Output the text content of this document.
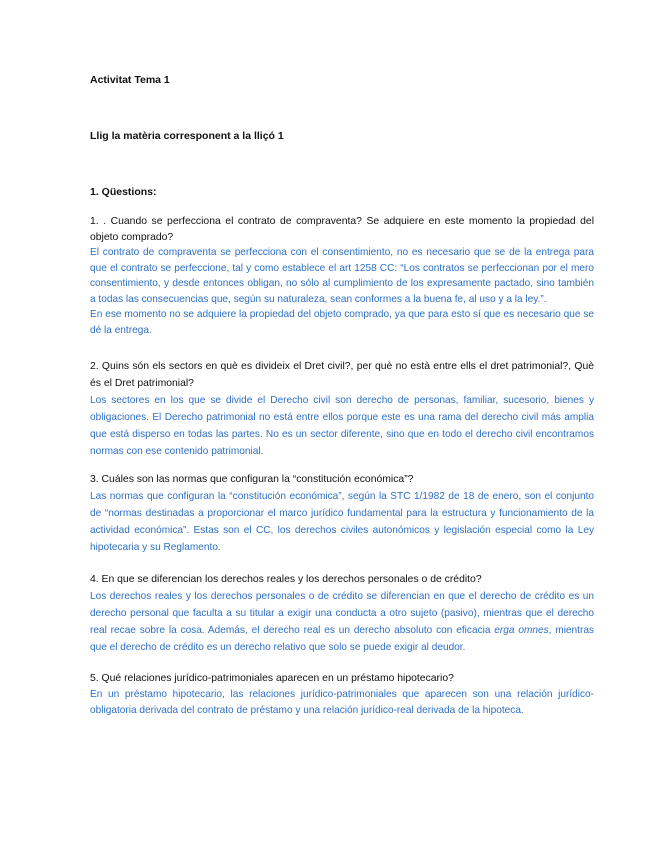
Activitat Tema 1
Llig la matèria corresponent a la lliçó 1
1. Qüestions:
1. . Cuando se perfecciona el contrato de compraventa? Se adquiere en este momento la propiedad del objeto comprado?

El contrato de compraventa se perfecciona con el consentimiento, no es necesario que se de la entrega para que el contrato se perfeccione, tal y como establece el art 1258 CC: “Los contratos se perfeccionan por el mero consentimiento, y desde entonces obligan, no sólo al cumplimiento de los expresamente pactado, sino también a todas las consecuencias que, según su naturaleza, sean conformes a la buena fe, al uso y a la ley.”.

En ese momento no se adquiere la propiedad del objeto comprado, ya que para esto sí que es necesario que se dé la entrega.

2. Quins són els sectors en què es divideix el Dret civil?, per què no està entre ells el dret patrimonial?, Què és el Dret patrimonial?
Los sectores en los que se divide el Derecho civil son derecho de personas, familiar, sucesorio, bienes y obligaciones. El Derecho patrimonial no está entre ellos porque este es una rama del derecho civil más amplia que está disperso en todas las partes. No es un sector diferente, sino que en todo el derecho civil encontramos normas con ese contenido patrimonial.
3. Cuáles son las normas que configuran la “constitución económica”?
Las normas que configuran la “constitución económica”, según la STC 1/1982 de 18 de enero, son el conjunto de “normas destinadas a proporcionar el marco jurídico fundamental para la estructura y funcionamiento de la actividad económica”. Estas son el CC, los derechos civiles autonómicos y legislación especial como la Ley hipotecaria y su Reglamento.
4. En que se diferencian los derechos reales y los derechos personales o de crédito?
Los derechos reales y los derechos personales o de crédito se diferencian en que el derecho de crédito es un derecho personal que faculta a su titular a exigir una conducta a otro sujeto (pasivo), mientras que el derecho real recae sobre la cosa. Además, el derecho real es un derecho absoluto con eficacia erga omnes, mientras que el derecho de crédito es un derecho relativo que solo se puede exigir al deudor.
5. Qué relaciones jurídico-patrimoniales aparecen en un préstamo hipotecario?
En un préstamo hipotecario, las relaciones jurídico-patrimoniales que aparecen son una relación jurídico-obligatoria derivada del contrato de préstamo y una relación jurídico-real derivada de la hipoteca.
